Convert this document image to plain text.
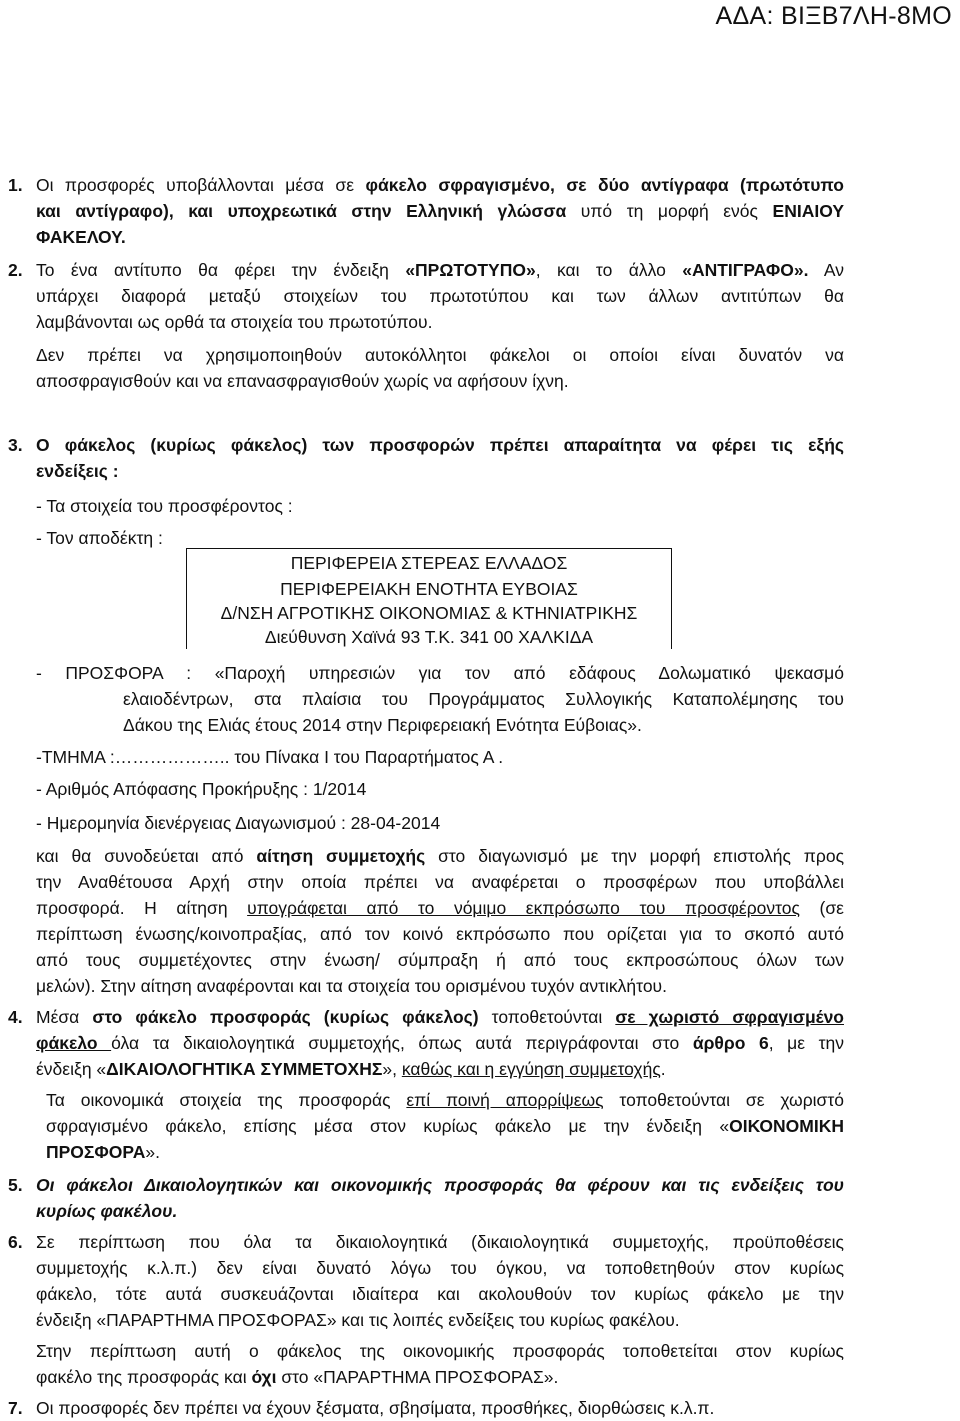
ΑΔΑ: ΒΙΞΒ7ΛΗ-8ΜΟ
1. Οι προσφορές υποβάλλονται μέσα σε φάκελο σφραγισμένο, σε δύο αντίγραφα (πρωτότυπο
και αντίγραφο), και υποχρεωτικά στην Ελληνική γλώσσα υπό τη μορφή ενός ΕΝΙΑΙΟΥ
ΦΑΚΕΛΟΥ.
2. Το ένα αντίτυπο θα φέρει την ένδειξη «ΠΡΩΤΟΤΥΠΟ», και το άλλο «ΑΝΤΙΓΡΑΦΟ». Αν
υπάρχει διαφορά μεταξύ στοιχείων του πρωτοτύπου και των άλλων αντιτύπων θα
λαμβάνονται ως ορθά τα στοιχεία του πρωτοτύπου.
Δεν πρέπει να χρησιμοποιηθούν αυτοκόλλητοι φάκελοι οι οποίοι είναι δυνατόν να
αποσφραγισθούν και να επανασφραγισθούν χωρίς να αφήσουν ίχνη.
3. Ο φάκελος (κυρίως φάκελος) των προσφορών πρέπει απαραίτητα να φέρει τις εξής
ενδείξεις :
- Τα στοιχεία του προσφέροντος :
- Τον αποδέκτη :
ΠΕΡΙΦΕΡΕΙΑ ΣΤΕΡΕΑΣ ΕΛΛΑΔΟΣ
ΠΕΡΙΦΕΡΕΙΑΚΗ ΕΝΟΤΗΤΑ ΕΥΒΟΙΑΣ
Δ/ΝΣΗ ΑΓΡΟΤΙΚΗΣ ΟΙΚΟΝΟΜΙΑΣ & ΚΤΗΝΙΑΤΡΙΚΗΣ
Διεύθυνση Χαϊνά 93 Τ.Κ. 341 00 ΧΑΛΚΙΔΑ
- ΠΡΟΣΦΟΡΑ : «Παροχή υπηρεσιών για τον από εδάφους Δολωματικό ψεκασμό
ελαιοδέντρων, στα πλαίσια του Προγράμματος Συλλογικής Καταπολέμησης του
Δάκου της Ελιάς έτους 2014 στην Περιφερειακή Ενότητα Εύβοιας».
-ΤΜΗΜΑ :……………….. του Πίνακα Ι του Παραρτήματος Α .
- Αριθμός Απόφασης Προκήρυξης : 1/2014
- Ημερομηνία διενέργειας Διαγωνισμού : 28-04-2014
και θα συνοδεύεται από αίτηση συμμετοχής στο διαγωνισμό με την μορφή επιστολής προς
την Αναθέτουσα Αρχή στην οποία πρέπει να αναφέρεται ο προσφέρων που υποβάλλει
προσφορά. Η αίτηση υπογράφεται από το νόμιμο εκπρόσωπο του προσφέροντος (σε
περίπτωση ένωσης/κοινοπραξίας, από τον κοινό εκπρόσωπο που ορίζεται για το σκοπό αυτό
από τους συμμετέχοντες στην ένωση/ σύμπραξη ή από τους εκπροσώπους όλων των
μελών). Στην αίτηση αναφέρονται και τα στοιχεία του ορισμένου τυχόν αντικλήτου.
4. Μέσα στο φάκελο προσφοράς (κυρίως φάκελος) τοποθετούνται σε χωριστό σφραγισμένο
φάκελο όλα τα δικαιολογητικά συμμετοχής, όπως αυτά περιγράφονται στο άρθρο 6, με την
ένδειξη «ΔΙΚΑΙΟΛΟΓΗΤΙΚΑ ΣΥΜΜΕΤΟΧΗΣ», καθώς και η εγγύηση συμμετοχής.
Τα οικονομικά στοιχεία της προσφοράς επί ποινή απορρίψεως τοποθετούνται σε χωριστό
σφραγισμένο φάκελο, επίσης μέσα στον κυρίως φάκελο με την ένδειξη «ΟΙΚΟΝΟΜΙΚΗ
ΠΡΟΣΦΟΡΑ».
5. Οι φάκελοι Δικαιολογητικών και οικονομικής προσφοράς θα φέρουν και τις ενδείξεις του
κυρίως φακέλου.
6. Σε περίπτωση που όλα τα δικαιολογητικά (δικαιολογητικά συμμετοχής, προϋποθέσεις
συμμετοχής κ.λ.π.) δεν είναι δυνατό λόγω του όγκου, να τοποθετηθούν στον κυρίως
φάκελο, τότε αυτά συσκευάζονται ιδιαίτερα και ακολουθούν τον κυρίως φάκελο με την
ένδειξη «ΠΑΡΑΡΤΗΜΑ ΠΡΟΣΦΟΡΑΣ» και τις λοιπές ενδείξεις του κυρίως φακέλου.
Στην περίπτωση αυτή ο φάκελος της οικονομικής προσφοράς τοποθετείται στον κυρίως
φακέλο της προσφοράς και όχι στο «ΠΑΡΑΡΤΗΜΑ ΠΡΟΣΦΟΡΑΣ».
7. Οι προσφορές δεν πρέπει να έχουν ξέσματα, σβησίματα, προσθήκες, διορθώσεις κ.λ.π.
